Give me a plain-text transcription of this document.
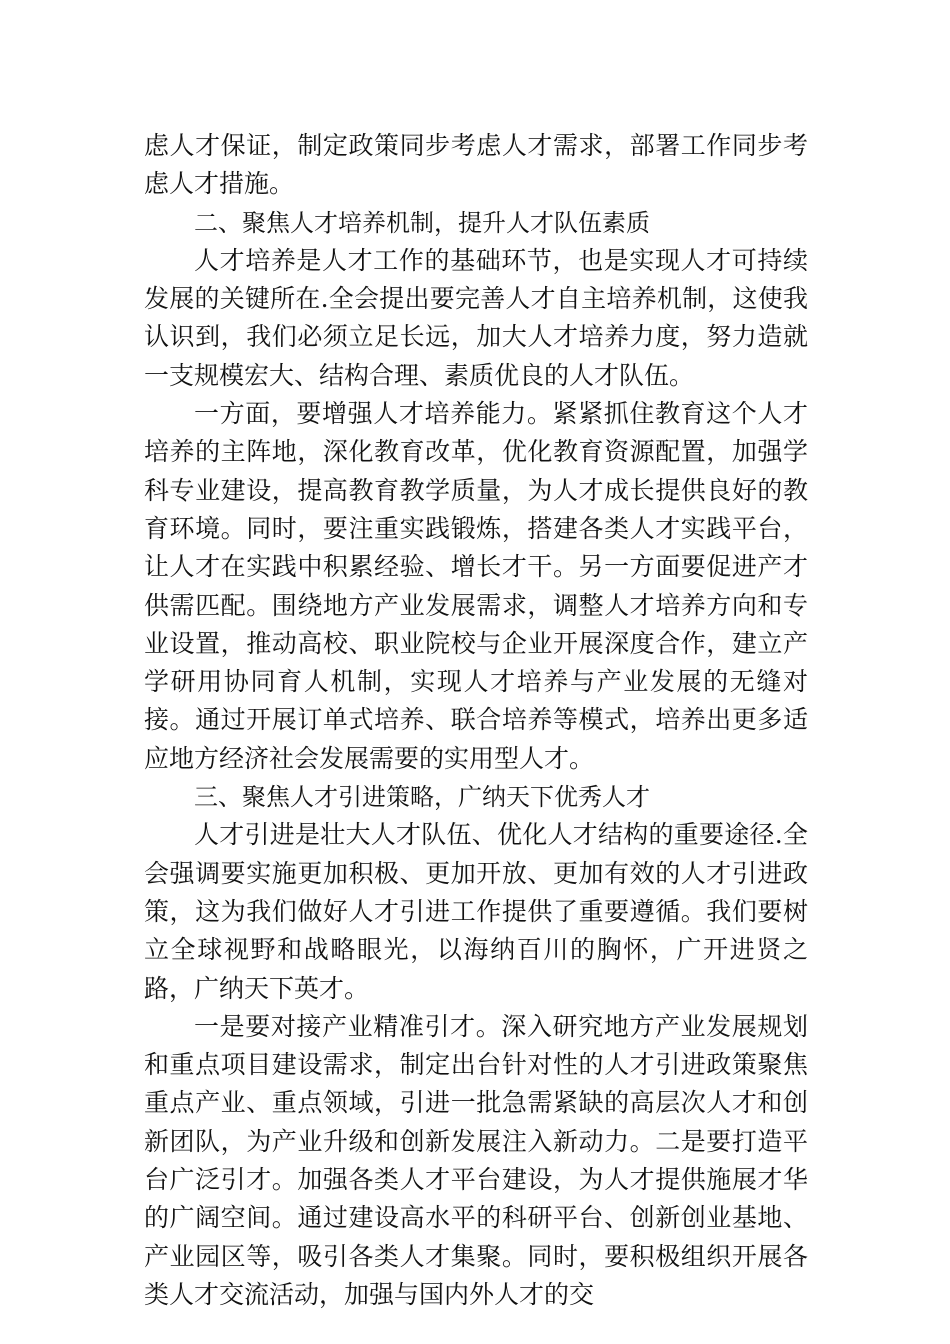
虑人才保证，制定政策同步考虑人才需求，部署工作同步考虑人才措施。

二、聚焦人才培养机制，提升人才队伍素质

人才培养是人才工作的基础环节，也是实现人才可持续发展的关键所在.全会提出要完善人才自主培养机制，这使我认识到，我们必须立足长远，加大人才培养力度，努力造就一支规模宏大、结构合理、素质优良的人才队伍。

一方面，要增强人才培养能力。紧紧抓住教育这个人才培养的主阵地，深化教育改革，优化教育资源配置，加强学科专业建设，提高教育教学质量，为人才成长提供良好的教育环境。同时，要注重实践锻炼，搭建各类人才实践平台，让人才在实践中积累经验、增长才干。另一方面要促进产才供需匹配。围绕地方产业发展需求，调整人才培养方向和专业设置，推动高校、职业院校与企业开展深度合作，建立产学研用协同育人机制，实现人才培养与产业发展的无缝对接。通过开展订单式培养、联合培养等模式，培养出更多适应地方经济社会发展需要的实用型人才。

三、聚焦人才引进策略，广纳天下优秀人才

人才引进是壮大人才队伍、优化人才结构的重要途径.全会强调要实施更加积极、更加开放、更加有效的人才引进政策，这为我们做好人才引进工作提供了重要遵循。我们要树立全球视野和战略眼光，以海纳百川的胸怀，广开进贤之路，广纳天下英才。

一是要对接产业精准引才。深入研究地方产业发展规划和重点项目建设需求，制定出台针对性的人才引进政策聚焦重点产业、重点领域，引进一批急需紧缺的高层次人才和创新团队，为产业升级和创新发展注入新动力。二是要打造平台广泛引才。加强各类人才平台建设，为人才提供施展才华的广阔空间。通过建设高水平的科研平台、创新创业基地、产业园区等，吸引各类人才集聚。同时，要积极组织开展各类人才交流活动，加强与国内外人才的交
